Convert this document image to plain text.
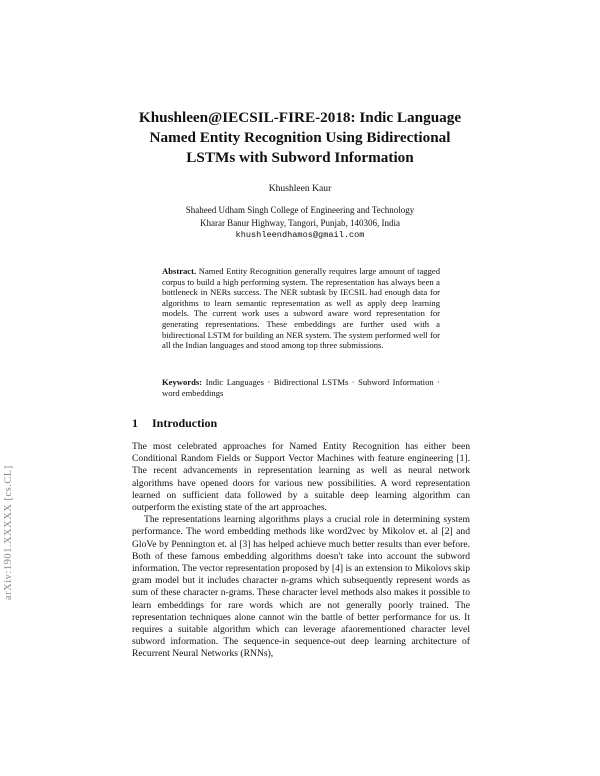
Khushleen@IECSIL-FIRE-2018: Indic Language
Named Entity Recognition Using Bidirectional
LSTMs with Subword Information
Khushleen Kaur
Shaheed Udham Singh College of Engineering and Technology
Kharar Banur Highway, Tangori, Punjab, 140306, India
khushleendhamos@gmail.com

Abstract. Named Entity Recognition generally requires large amount of tagged corpus to build a high performing system. The representation has always been a bottleneck in NERs success. The NER subtask by IECSIL had enough data for algorithms to learn semantic representation as well as apply deep learning models. The current work uses a subword aware word representation for generating representations. These embeddings are further used with a bidirectional LSTM for building an NER system. The system performed well for all the Indian languages and stood among top three submissions.

Keywords: Indic Languages · Bidirectional LSTMs · Subword Information · word embeddings

1 Introduction

The most celebrated approaches for Named Entity Recognition has either been Conditional Random Fields or Support Vector Machines with feature engineering [1]. The recent advancements in representation learning as well as neural network algorithms have opened doors for various new possibilities. A word representation learned on sufficient data followed by a suitable deep learning algorithm can outperform the existing state of the art approaches.

The representations learning algorithms plays a crucial role in determining system performance. The word embedding methods like word2vec by Mikolov et. al [2] and GloVe by Pennington et. al [3] has helped achieve much better results than ever before. Both of these famous embedding algorithms doesn't take into account the subword information. The vector representation proposed by [4] is an extension to Mikolovs skip gram model but it includes character n-grams which subsequently represent words as sum of these character n-grams. These character level methods also makes it possible to learn embeddings for rare words which are not generally poorly trained. The representation techniques alone cannot win the battle of better performance for us. It requires a suitable algorithm which can leverage afaorementioned character level subword information. The sequence-in sequence-out deep learning architecture of Recurrent Neural Networks (RNNs),

arXiv:1901.XXXXX [cs.CL]
